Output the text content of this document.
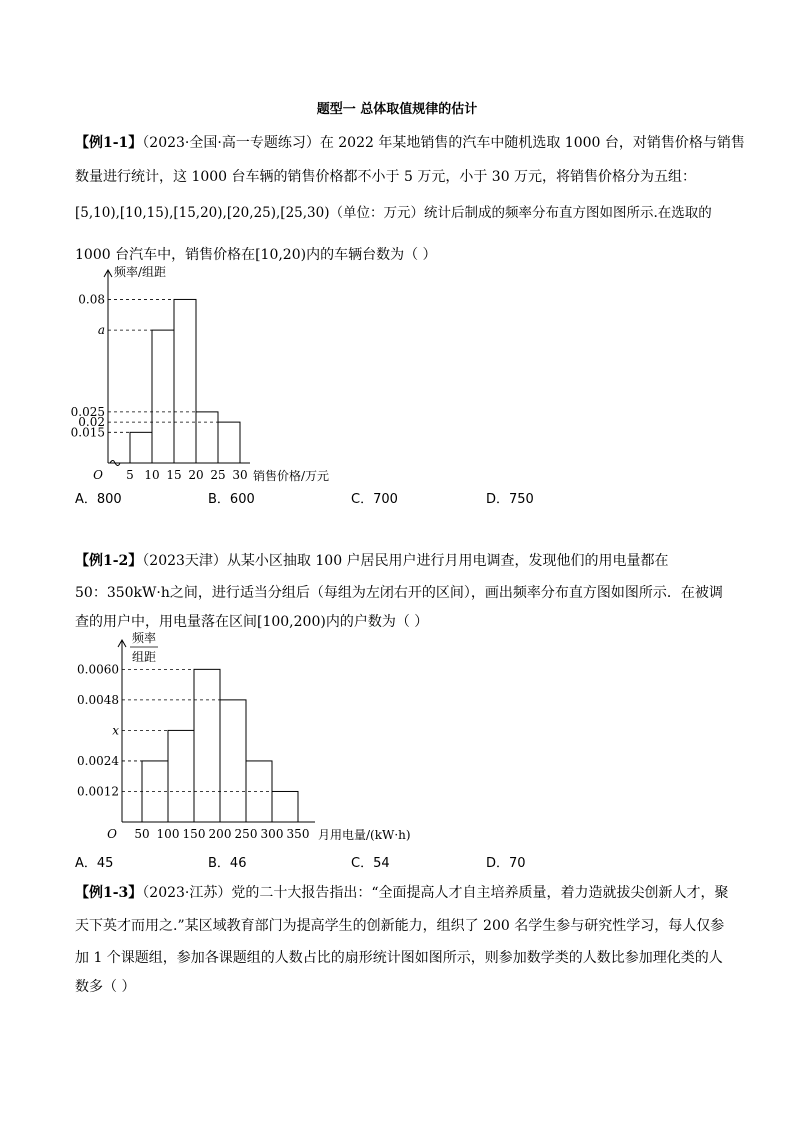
题型一 总体取值规律的估计
【例1-1】（2023·全国·高一专题练习）在 2022 年某地销售的汽车中随机选取 1000 台，对销售价格与销售
数量进行统计，这 1000 台车辆的销售价格都不小于 5 万元，小于 30 万元，将销售价格分为五组：
[5,10),[10,15),[15,20),[20,25),[25,30)（单位：万元）统计后制成的频率分布直方图如图所示.在选取的
1000 台汽车中，销售价格在[10,20)内的车辆台数为（ ）
0.08
a
0.025
0.02
0.015
5 10 15 20 25 30
O	销售价格/万元
频率/组距
A．800	B．600	C．700	D．750
【例1-2】（2023天津）从某小区抽取 100 户居民用户进行月用电调查，发现他们的用电量都在
50：350kW·h之间，进行适当分组后（每组为左闭右开的区间），画出频率分布直方图如图所示．在被调
查的用户中，用电量落在区间[100,200)内的户数为（ ）
0.0060
0.0048
x
0.0024
0.0012
50 100 150 200 250 300 350
O	月用电量/(kW·h)
频率
组距
A．45	B．46	C．54	D．70
【例1-3】（2023·江苏）党的二十大报告指出：“全面提高人才自主培养质量，着力造就拔尖创新人才，聚
天下英才而用之.”某区域教育部门为提高学生的创新能力，组织了 200 名学生参与研究性学习，每人仅参
加 1 个课题组，参加各课题组的人数占比的扇形统计图如图所示，则参加数学类的人数比参加理化类的人
数多（ ）
